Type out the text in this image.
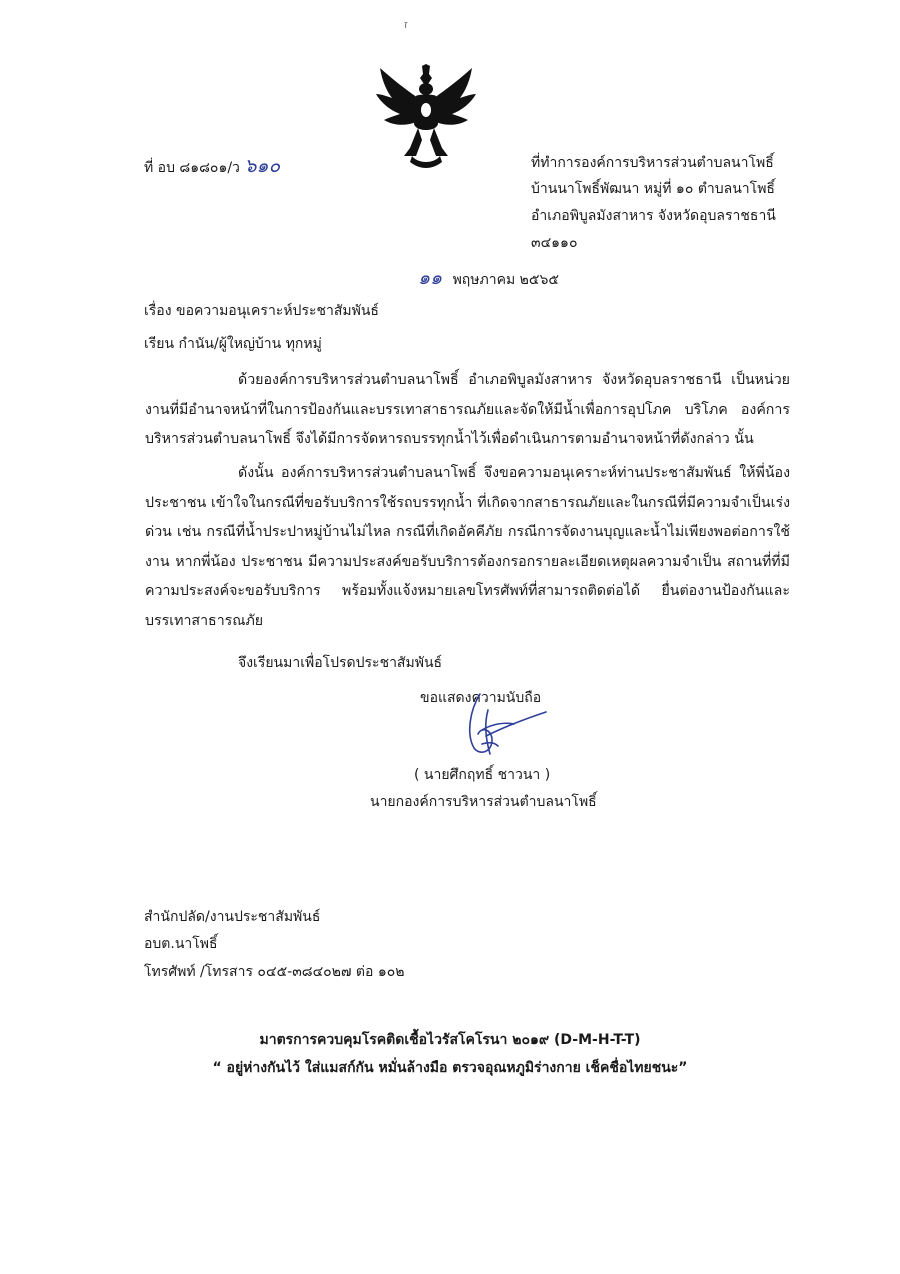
ז
ที่ อบ ๘๑๘๐๑/ว ๖๑๐	ที่ทำการองค์การบริหารส่วนตำบลนาโพธิ์
บ้านนาโพธิ์พัฒนา หมู่ที่ ๑๐ ตำบลนาโพธิ์
อำเภอพิบูลมังสาหาร จังหวัดอุบลราชธานี
๓๔๑๑๐
๑๑ พฤษภาคม ๒๕๖๕
เรื่อง ขอความอนุเคราะห์ประชาสัมพันธ์
เรียน กำนัน/ผู้ใหญ่บ้าน ทุกหมู่
ด้วยองค์การบริหารส่วนตำบลนาโพธิ์ อำเภอพิบูลมังสาหาร จังหวัดอุบลราชธานี เป็นหน่วยงานที่มีอำนาจหน้าที่ในการป้องกันและบรรเทาสาธารณภัยและจัดให้มีน้ำเพื่อการอุปโภค บริโภค องค์การบริหารส่วนตำบลนาโพธิ์ จึงได้มีการจัดหารถบรรทุกน้ำไว้เพื่อดำเนินการตามอำนาจหน้าที่ดังกล่าว นั้น
ดังนั้น องค์การบริหารส่วนตำบลนาโพธิ์ จึงขอความอนุเคราะห์ท่านประชาสัมพันธ์ ให้พี่น้องประชาชน เข้าใจในกรณีที่ขอรับบริการใช้รถบรรทุกน้ำ ที่เกิดจากสาธารณภัยและในกรณีที่มีความจำเป็นเร่งด่วน เช่น กรณีที่น้ำประปาหมู่บ้านไม่ไหล กรณีที่เกิดอัคคีภัย กรณีการจัดงานบุญและน้ำไม่เพียงพอต่อการใช้งาน หากพี่น้อง ประชาชน มีความประสงค์ขอรับบริการต้องกรอกรายละเอียดเหตุผลความจำเป็น สถานที่ที่มีความประสงค์จะขอรับบริการ พร้อมทั้งแจ้งหมายเลขโทรศัพท์ที่สามารถติดต่อได้ ยื่นต่องานป้องกันและบรรเทาสาธารณภัย
จึงเรียนมาเพื่อโปรดประชาสัมพันธ์
ขอแสดงความนับถือ
( นายศึกฤทธิ์ ชาวนา )
นายกองค์การบริหารส่วนตำบลนาโพธิ์
สำนักปลัด/งานประชาสัมพันธ์
อบต.นาโพธิ์
โทรศัพท์ /โทรสาร ๐๔๕-๓๘๔๐๒๗ ต่อ ๑๐๒
มาตรการควบคุมโรคติดเชื้อไวรัสโคโรนา ๒๐๑๙ (D-M-H-T-T)
“ อยู่ห่างกันไว้ ใส่แมสก์กัน หมั่นล้างมือ ตรวจอุณหภูมิร่างกาย เช็คชื่อไทยชนะ”
